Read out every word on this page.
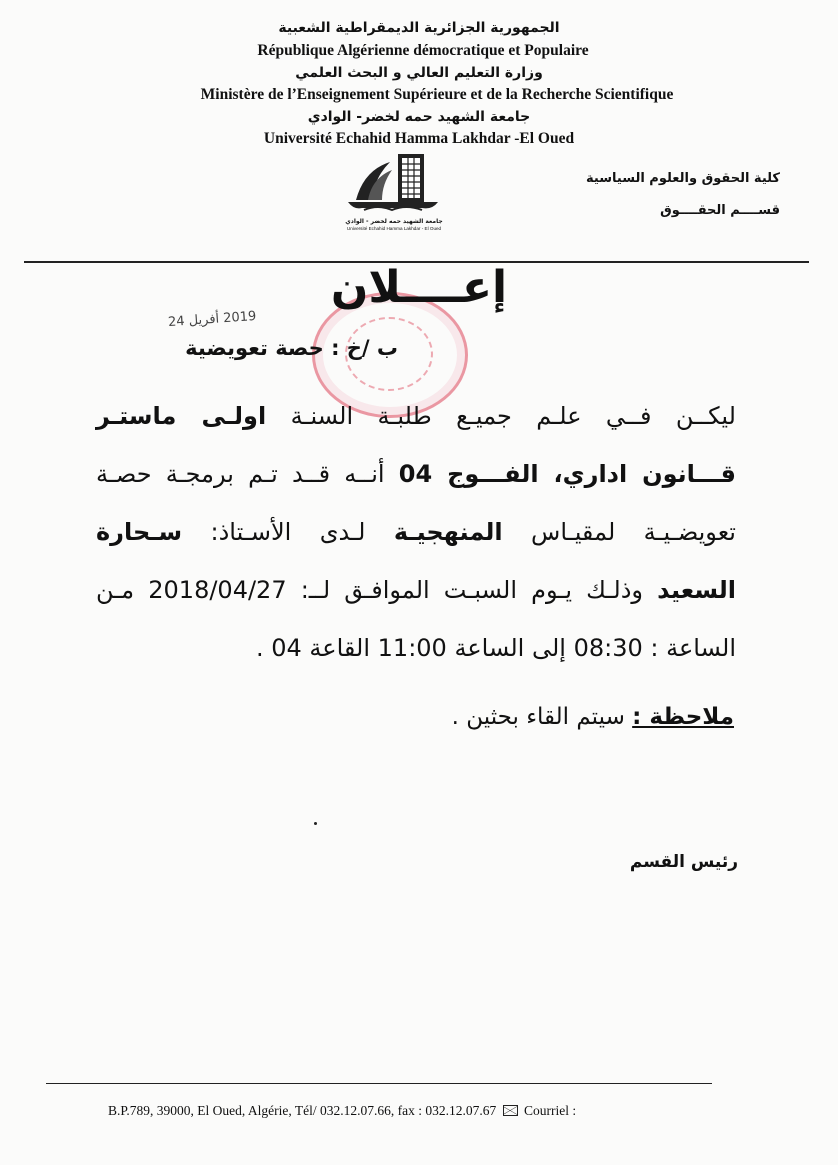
الجمهورية الجزائرية الديمقراطية الشعبية
République Algérienne démocratique et Populaire
وزارة التعليم العالي و البحث العلمي
Ministère de l’Enseignement Supérieure et de la Recherche Scientifique
جامعة الشهيد حمه لخضر- الوادي
Université Echahid Hamma Lakhdar -El Oued
جامعة الشهيد حمه لخضر - الوادي
Université Echahid Hamma Lakhdar - El Oued
كلية الحقوق والعلوم السياسية
قســــم الحقــــوق
إعــــلان
2019 أفريل 24
ب /خ : حصة تعويضية
ليكــن فــي علـم جميـع طلبـة السنـة اولـى ماستـر
قـــانون اداري، الفـــوج 04 أنــه قــد تـم برمجـة حصـة
تعويضـيـة لمقيـاس المنهجيـة لـدى الأسـتاذ: سـحارة
السعيد وذلـك يـوم السبـت الموافـق لــ: 2018/04/27 مـن
الساعة : 08:30 إلى الساعة 11:00 القاعة 04 .
ملاحظة : سيتم القاء بحثين .
رئيس القسم
B.P.789, 39000, El Oued, Algérie, Tél/ 032.12.07.66, fax : 032.12.07.67 Courriel :
